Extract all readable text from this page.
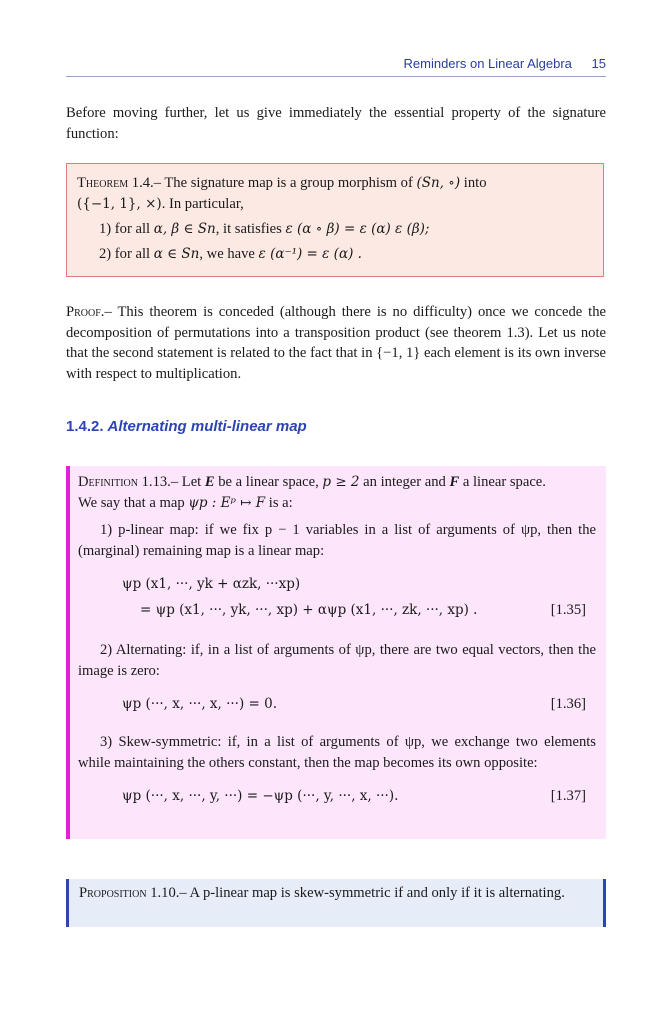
Reminders on Linear Algebra 15
Before moving further, let us give immediately the essential property of the signature function:
Theorem 1.4.– The signature map is a group morphism of (Sn, ∘) into
({−1, 1}, ×). In particular,
1) for all α, β ∈ Sn, it satisfies ε (α ∘ β) = ε (α) ε (β);
2) for all α ∈ Sn, we have ε (α⁻¹) = ε (α) .
Proof.– This theorem is conceded (although there is no difficulty) once we concede the decomposition of permutations into a transposition product (see theorem 1.3). Let us note that the second statement is related to the fact that in {−1, 1} each element is its own inverse with respect to multiplication.
1.4.2. Alternating multi-linear map
Definition 1.13.– Let E be a linear space, p ≥ 2 an integer and F a linear space.
We say that a map ψp : Eᵖ ↦ F is a:
1) p-linear map: if we fix p − 1 variables in a list of arguments of ψp, then the (marginal) remaining map is a linear map:
ψp (x1, ···, yk + αzk, ···xp)
= ψp (x1, ···, yk, ···, xp) + αψp (x1, ···, zk, ···, xp) .	[1.35]
2) Alternating: if, in a list of arguments of ψp, there are two equal vectors, then the image is zero:
ψp (···, x, ···, x, ···) = 0.	[1.36]
3) Skew-symmetric: if, in a list of arguments of ψp, we exchange two elements while maintaining the others constant, then the map becomes its own opposite:
ψp (···, x, ···, y, ···) = −ψp (···, y, ···, x, ···).	[1.37]
Proposition 1.10.– A p-linear map is skew-symmetric if and only if it is alternating.
